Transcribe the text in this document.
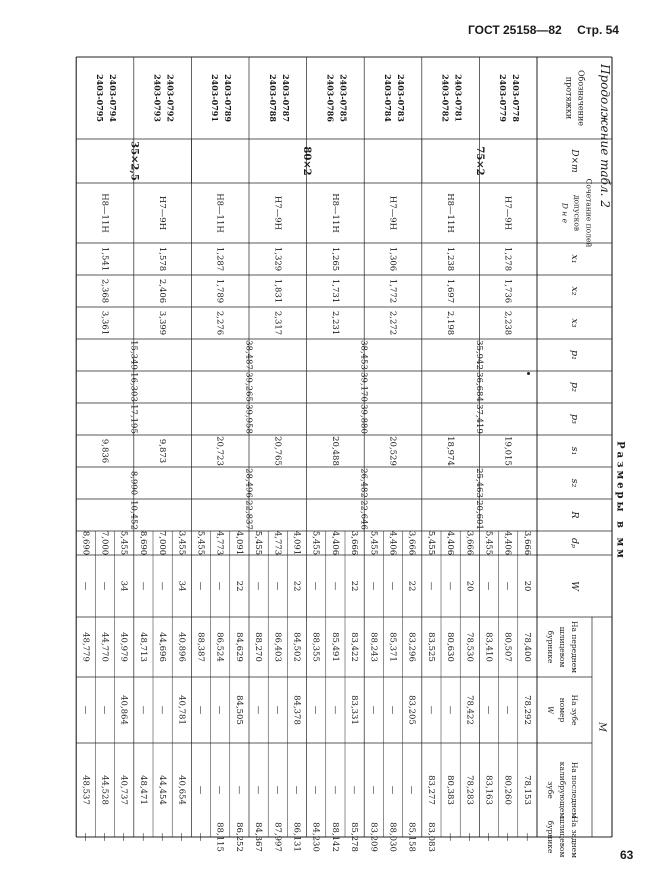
ГОСТ 25158—82 Стр. 54
Продолжение табл. 2
Обозначение
протяжки
D×m
Сочетание полей
допусков
D н е
x₁
x₂
x₃
p₁
p₂
p₃
s₁
s₂
R
dₚ
W
M
На переднем
шлицевом
бурнике
На зубе
номер
W
На последнем
калибрующем
зубе
На заднем
шлицевом
бурнике
Размеры в мм
2403-0778
2403-0779
H7—9H
1,278
1,736
2,238
35,942
36,684
37,419
19,015
25,463
20,601
3,666
20
78,400
78,292
78,153
—
4,406
—
80,507
—
80,260
—
5,455
—
83,410
—
83,163
—
2403-0781
2403-0782
H8—11H
1,238
1,697
2,198
18,974
3,666
20
78,530
78,422
78,283
—
4,406
—
80,630
—
80,383
—
5,455
—
83,525
—
83,277
83,083
2403-0783
2403-0784
H7—9H
1,306
1,772
2,272
38,453
39,170
39,880
20,529
26,482
22,646
3,666
22
83,296
83,205
—
85,158
4,406
—
85,371
—
—
88,030
5,455
—
88,243
—
—
83,209
2403-0785
2403-0786
H8—11H
1,265
1,731
2,231
20,488
3,666
22
83,422
83,331
—
85,278
4,406
—
85,491
—
—
88,142
5,455
—
88,355
—
—
84,230
2403-0787
2403-0788
H7—9H
1,329
1,831
2,317
38,487
39,265
39,958
20,765
28,496
22,837
4,091
22
84,502
84,378
—
86,131
4,773
—
86,403
—
—
87,997
5,455
—
88,270
—
—
84,367
2403-0789
2403-0791
H8—11H
1,287
1,789
2,276
20,723
4,091
22
84,629
84,505
—
86,252
4,773
—
86,524
—
—
88,115
5,455
—
88,387
—
—
—
2403-0792
2403-0793
H7—9H
1,578
2,406
3,399
15,349
16,303
17,195
9,873
8,990
10,452
3,455
34
40,896
40,781
40,654
—
7,000
—
44,696
—
44,454
—
8,690
—
48,713
—
48,471
—
2403-0794
2403-0795
H8—11H
1,541
2,368
3,361
9,836
5,455
34
40,979
40,864
40,737
—
7,000
—
44,770
—
44,528
—
8,690
—
48,779
—
48,537
—
75×2
80×2
35×2,5
63
